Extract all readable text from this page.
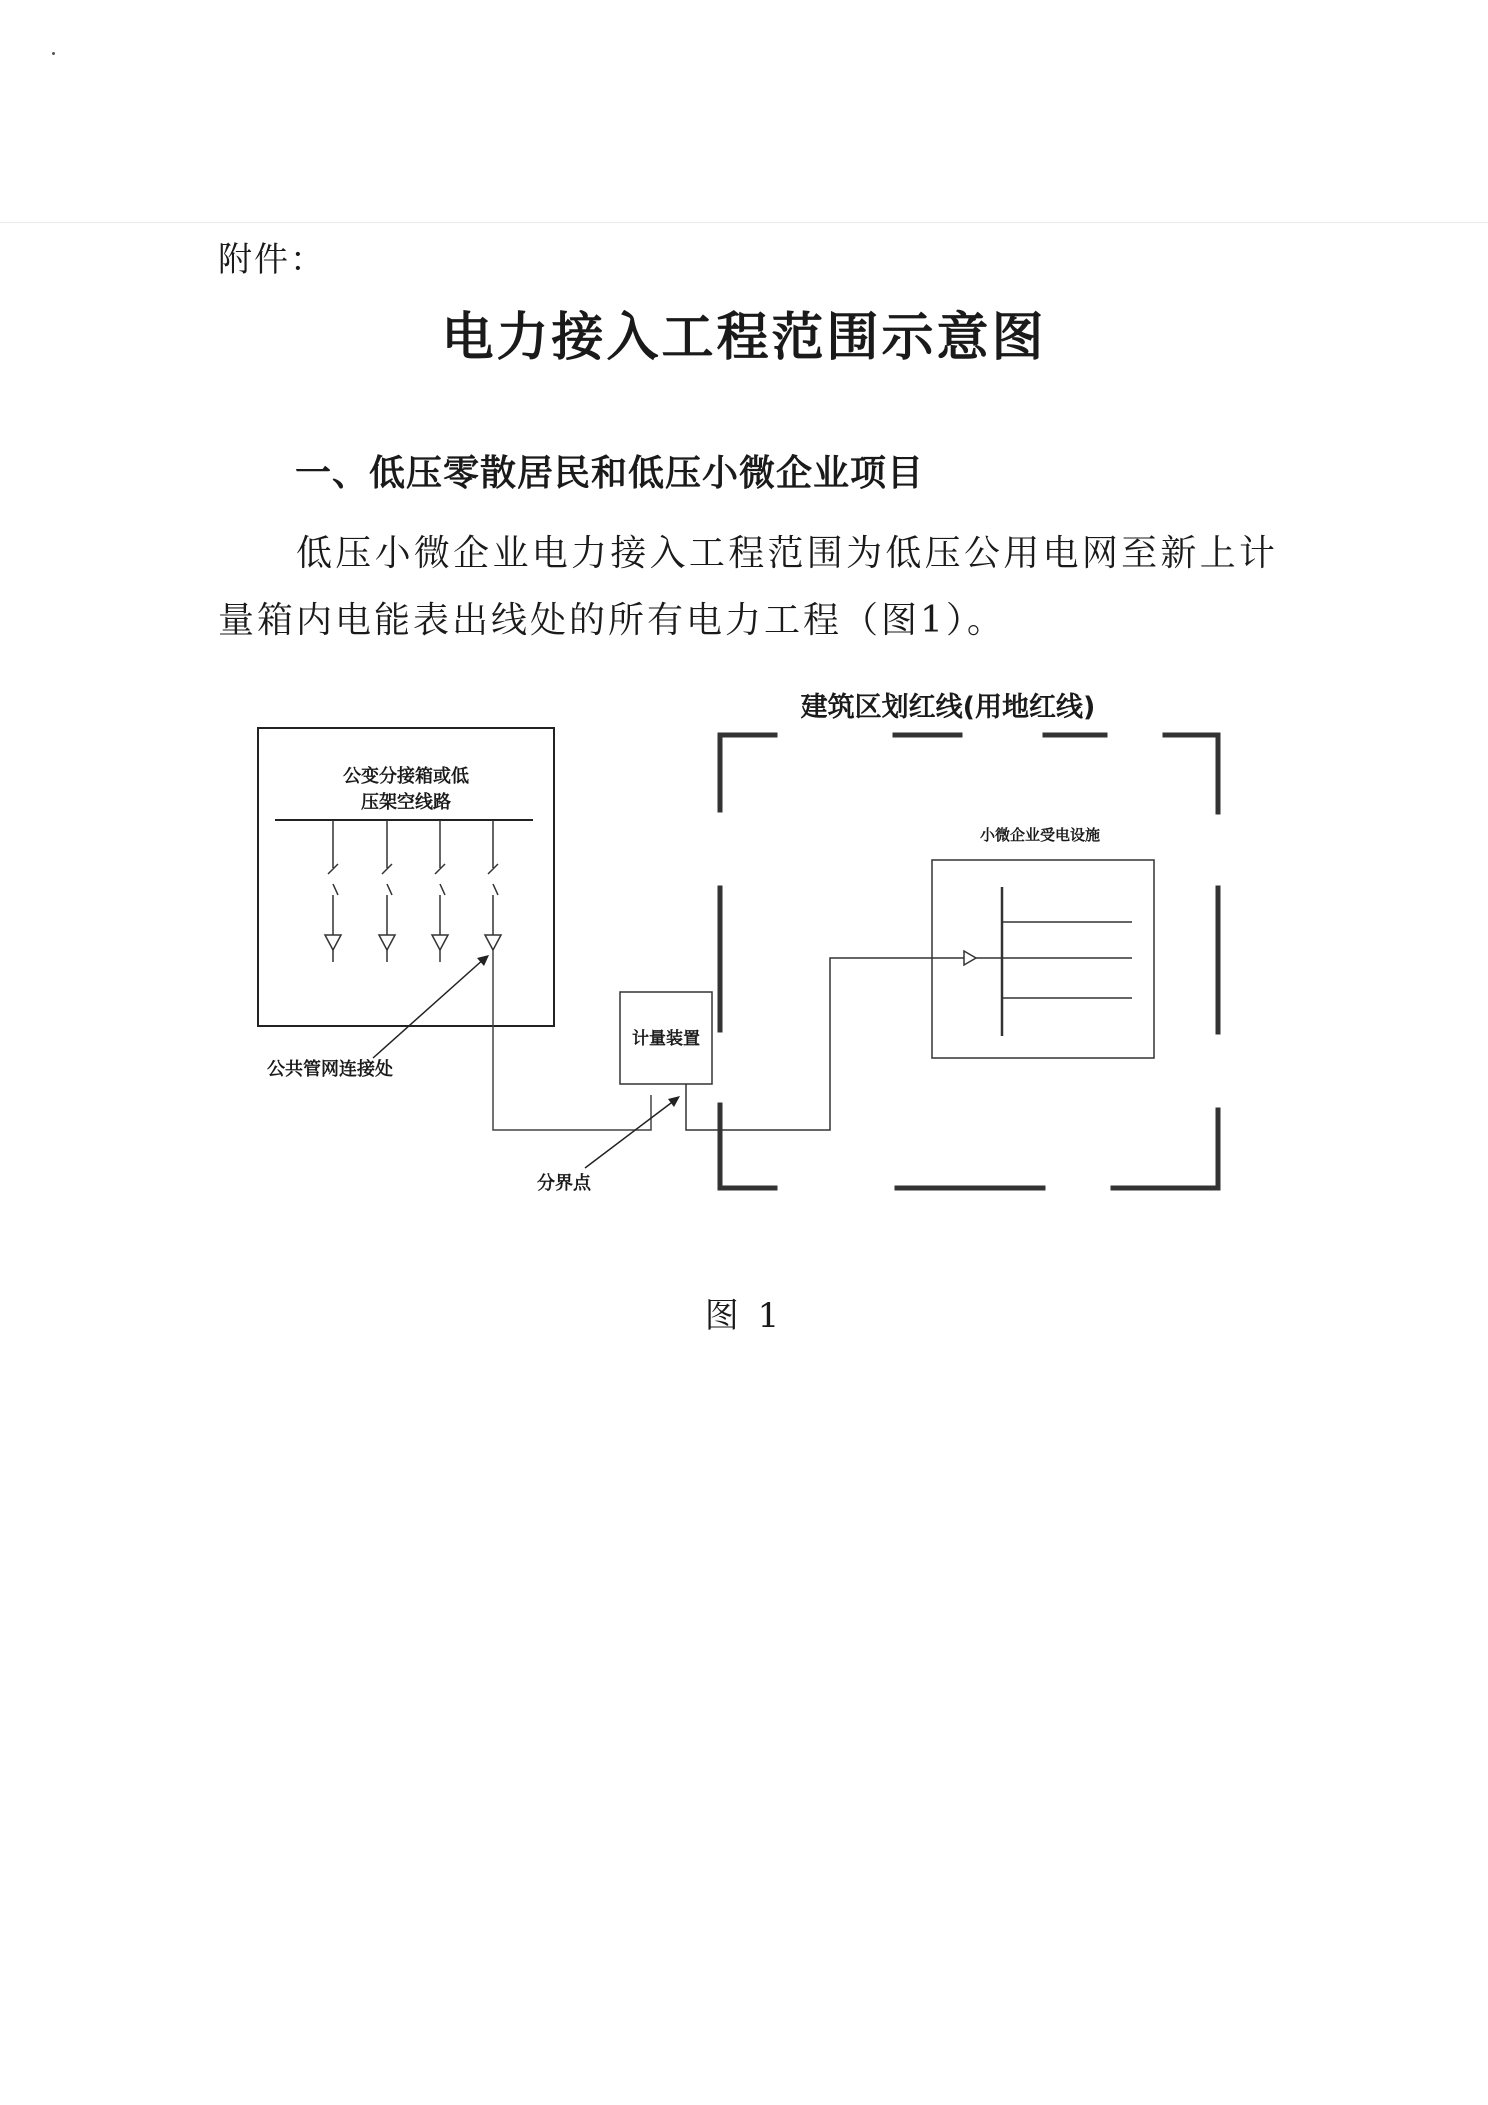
附件：
电力接入工程范围示意图
一、低压零散居民和低压小微企业项目
低压小微企业电力接入工程范围为低压公用电网至新上计量箱内电能表出线处的所有电力工程（图1）。
公变分接箱或低
压架空线路
公共管网连接处
计量装置
分界点
建筑区划红线(用地红线)
小微企业受电设施
图 1
